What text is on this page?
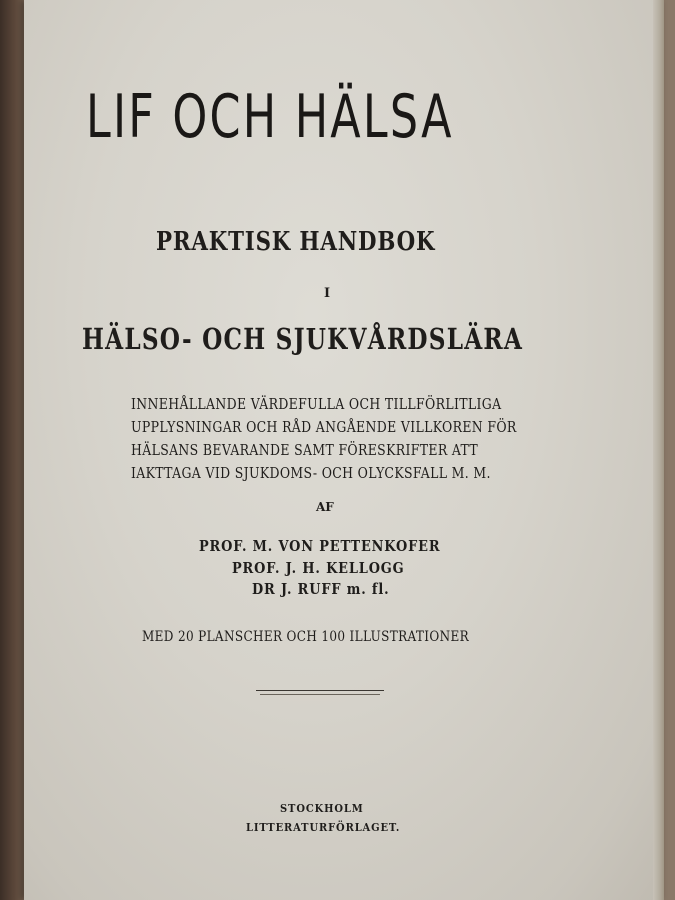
LIF OCH HÄLSA
PRAKTISK HANDBOK
I
HÄLSO- OCH SJUKVÅRDSLÄRA
INNEHÅLLANDE VÄRDEFULLA OCH TILLFÖRLITLIGA
UPPLYSNINGAR OCH RÅD ANGÅENDE VILLKOREN FÖR
HÄLSANS BEVARANDE SAMT FÖRESKRIFTER ATT
IAKTTAGA VID SJUKDOMS- OCH OLYCKSFALL M. M.
AF
PROF. M. VON PETTENKOFER
PROF. J. H. KELLOGG
DR J. RUFF m. fl.
MED 20 PLANSCHER OCH 100 ILLUSTRATIONER
STOCKHOLM
LITTERATURFÖRLAGET.
